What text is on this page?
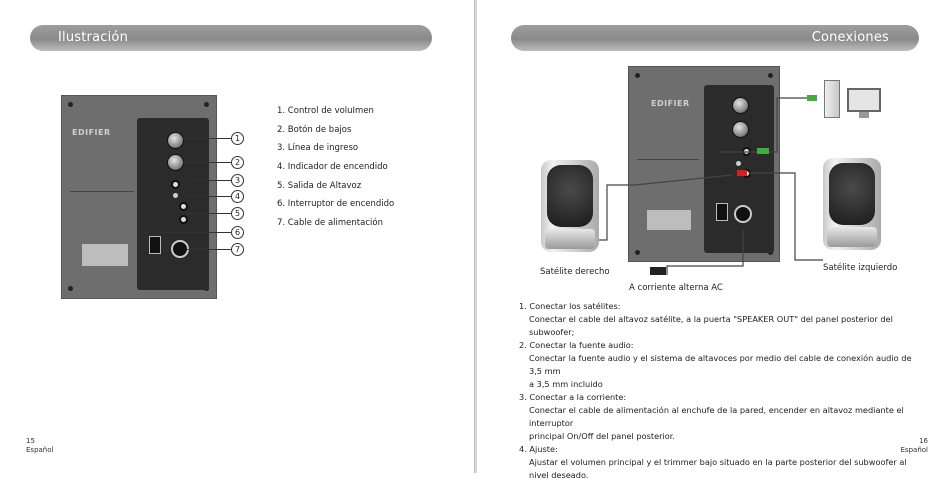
Ilustración
EDIFIER
1
2
3
4
5
6
7
1. Control de voluImen
2. Botón de bajos
3. Línea de ingreso
4. Indicador de encendido
5. Salida de Altavoz
6. Interruptor de encendido
7. Cable de alimentación
15
Español
Conexiones
EDIFIER
Satélite derecho	Satélite izquierdo
A corriente alterna AC
16
Español

1. Conectar los satélites:

Conectar el cable del altavoz satélite, a la puerta "SPEAKER OUT" del panel posterior del subwoofer;

2. Conectar la fuente audio:

Conectar la fuente audio y el sistema de altavoces por medio del cable de conexión audio de 3,5 mm

a 3,5 mm incluido

3. Conectar a la corriente:

Conectar el cable de alimentación al enchufe de la pared, encender en altavoz mediante el interruptor

principal On/Off del panel posterior.

4. Ajuste:

Ajustar el volumen principal y el trimmer bajo situado en la parte posterior del subwoofer al nivel deseado.
